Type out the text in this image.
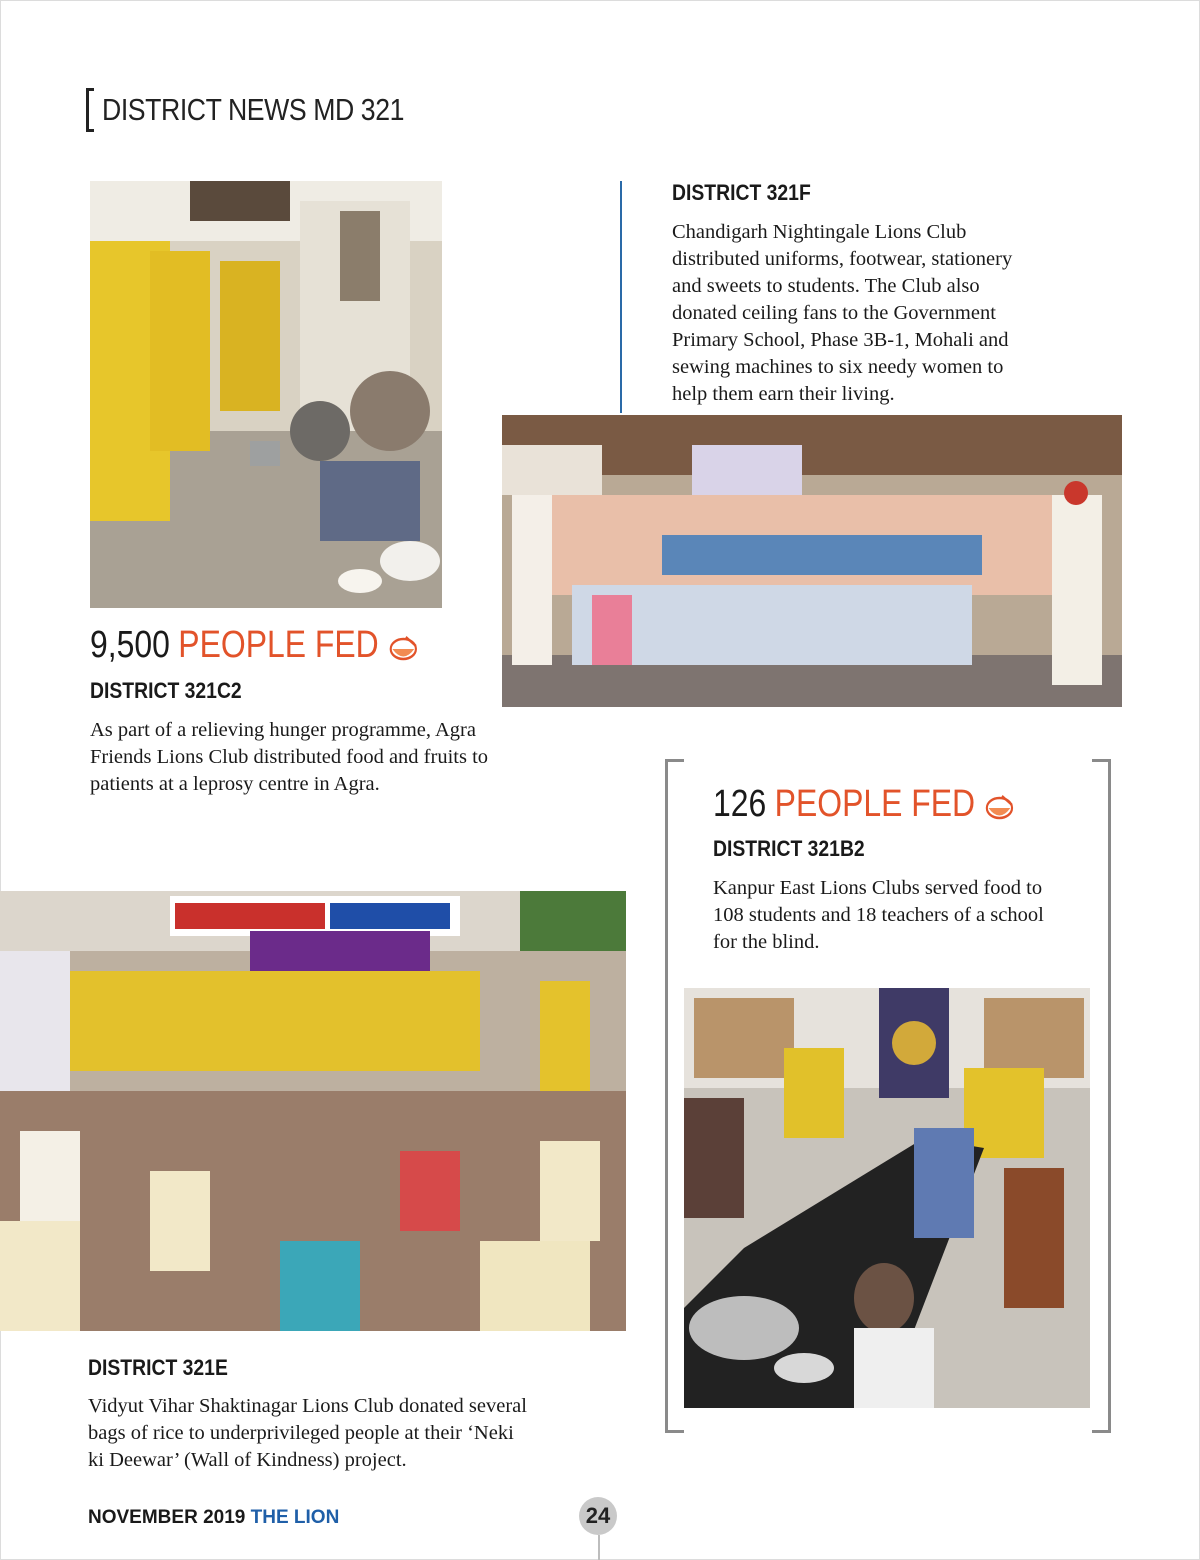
DISTRICT NEWS MD 321
9,500 PEOPLE FED
DISTRICT 321C2
As part of a relieving hunger programme, Agra Friends Lions Club distributed food and fruits to patients at a leprosy centre in Agra.
DISTRICT 321F
Chandigarh Nightingale Lions Club distributed uniforms, footwear, stationery and sweets to students. The Club also donated ceiling fans to the Government Primary School, Phase 3B-1, Mohali and sewing machines to six needy women to help them earn their living.
126 PEOPLE FED
DISTRICT 321B2
Kanpur East Lions Clubs served food to 108 students and 18 teachers of a school for the blind.
DISTRICT 321E
Vidyut Vihar Shaktinagar Lions Club donated several bags of rice to underprivileged people at their ‘Neki ki Deewar’ (Wall of Kindness) project.
NOVEMBER 2019 THE LION	24
